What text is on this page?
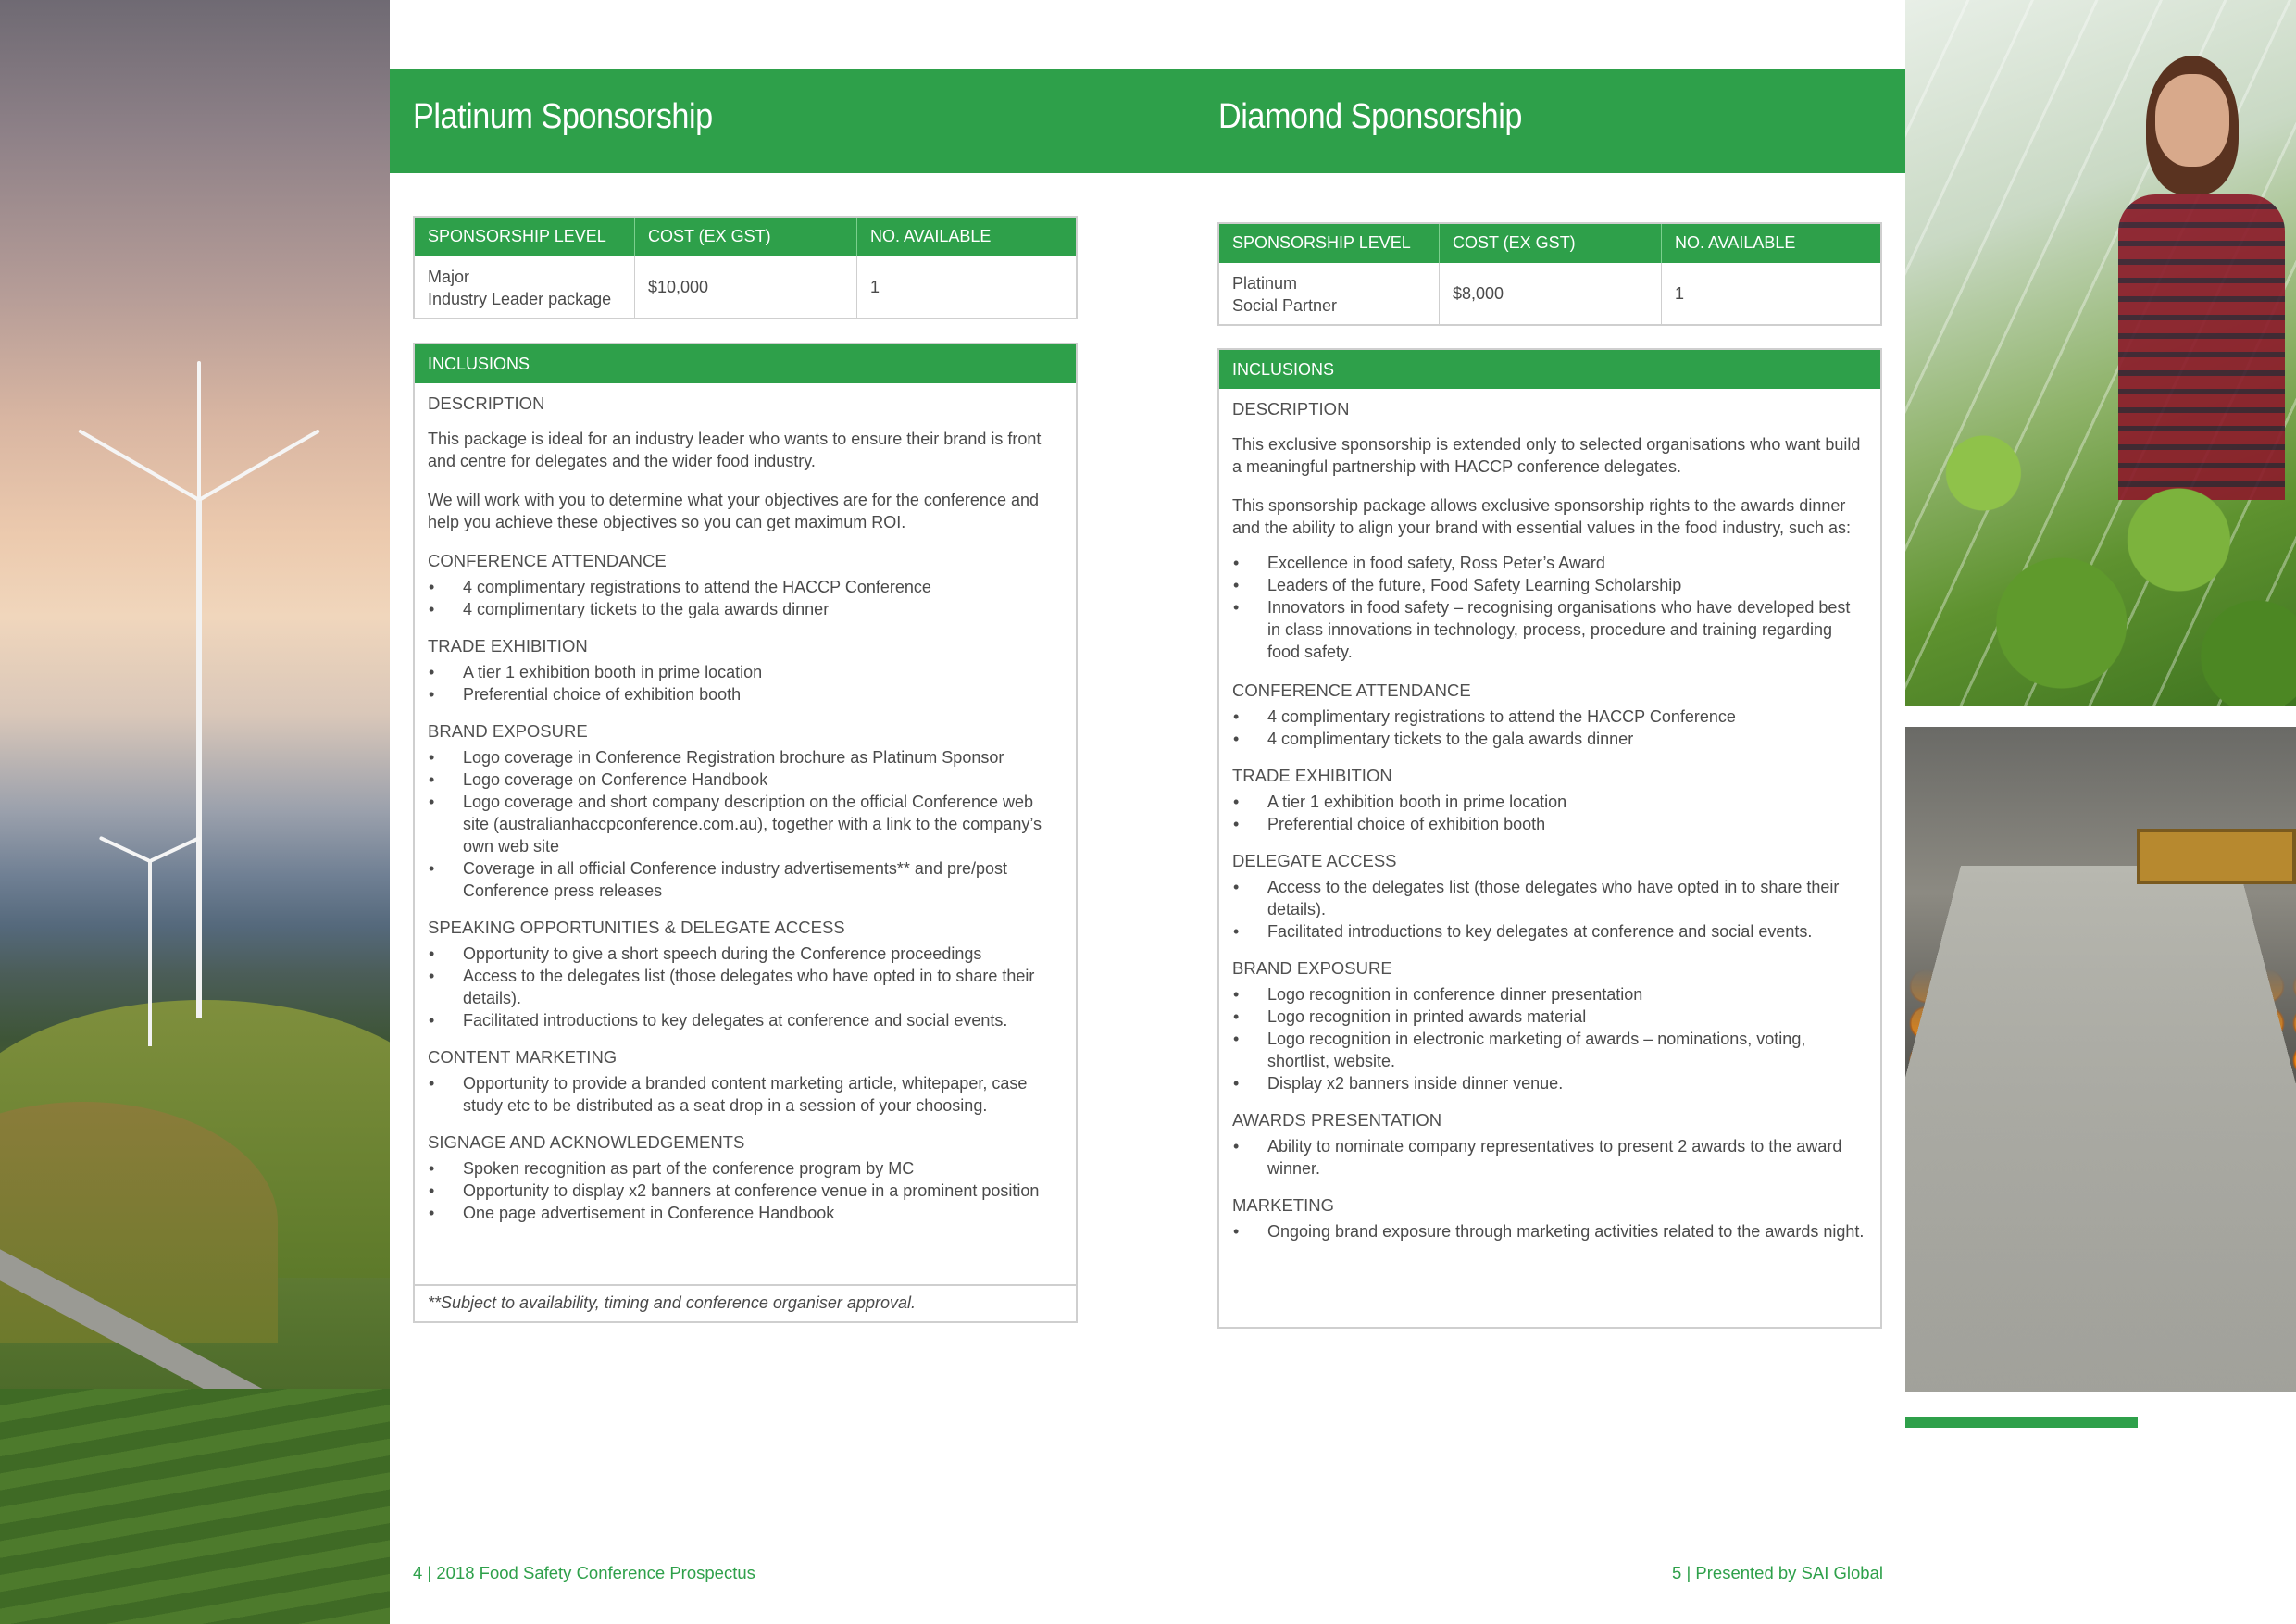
Platinum Sponsorship	Diamond Sponsorship
SPONSORSHIP LEVEL	COST (EX GST)	NO. AVAILABLE
Major
Industry Leader package
$10,000	1
SPONSORSHIP LEVEL	COST (EX GST)	NO. AVAILABLE
Platinum
Social Partner
$8,000	1
INCLUSIONS
DESCRIPTION

This package is ideal for an industry leader who wants to ensure their brand is front and centre for delegates and the wider food industry.

We will work with you to determine what your objectives are for the conference and help you achieve these objectives so you can get maximum ROI.

CONFERENCE ATTENDANCE
• 4 complimentary registrations to attend the HACCP Conference
• 4 complimentary tickets to the gala awards dinner
TRADE EXHIBITION
• A tier 1 exhibition booth in prime location
• Preferential choice of exhibition booth
BRAND EXPOSURE
• Logo coverage in Conference Registration brochure as Platinum Sponsor
• Logo coverage on Conference Handbook
• Logo coverage and short company description on the official Conference web site (australianhaccpconference.com.au), together with a link to the company’s own web site
• Coverage in all official Conference industry advertisements** and pre/post Conference press releases
SPEAKING OPPORTUNITIES & DELEGATE ACCESS
• Opportunity to give a short speech during the Conference proceedings
• Access to the delegates list (those delegates who have opted in to share their details).
• Facilitated introductions to key delegates at conference and social events.
CONTENT MARKETING
• Opportunity to provide a branded content marketing article, whitepaper, case study etc to be distributed as a seat drop in a session of your choosing.
SIGNAGE AND ACKNOWLEDGEMENTS
• Spoken recognition as part of the conference program by MC
• Opportunity to display x2 banners at conference venue in a prominent position
• One page advertisement in Conference Handbook
**Subject to availability, timing and conference organiser approval.
INCLUSIONS
DESCRIPTION

This exclusive sponsorship is extended only to selected organisations who want build a meaningful partnership with HACCP conference delegates.

This sponsorship package allows exclusive sponsorship rights to the awards dinner and the ability to align your brand with essential values in the food industry, such as:

• Excellence in food safety, Ross Peter’s Award
• Leaders of the future, Food Safety Learning Scholarship
• Innovators in food safety – recognising organisations who have developed best in class innovations in technology, process, procedure and training regarding food safety.
CONFERENCE ATTENDANCE
• 4 complimentary registrations to attend the HACCP Conference
• 4 complimentary tickets to the gala awards dinner
TRADE EXHIBITION
• A tier 1 exhibition booth in prime location
• Preferential choice of exhibition booth
DELEGATE ACCESS
• Access to the delegates list (those delegates who have opted in to share their details).
• Facilitated introductions to key delegates at conference and social events.
BRAND EXPOSURE
• Logo recognition in conference dinner presentation
• Logo recognition in printed awards material
• Logo recognition in electronic marketing of awards – nominations, voting, shortlist, website.
• Display x2 banners inside dinner venue.
AWARDS PRESENTATION
• Ability to nominate company representatives to present 2 awards to the award winner.
MARKETING
• Ongoing brand exposure through marketing activities related to the awards night.
4 | 2018 Food Safety Conference Prospectus	5 | Presented by SAI Global
